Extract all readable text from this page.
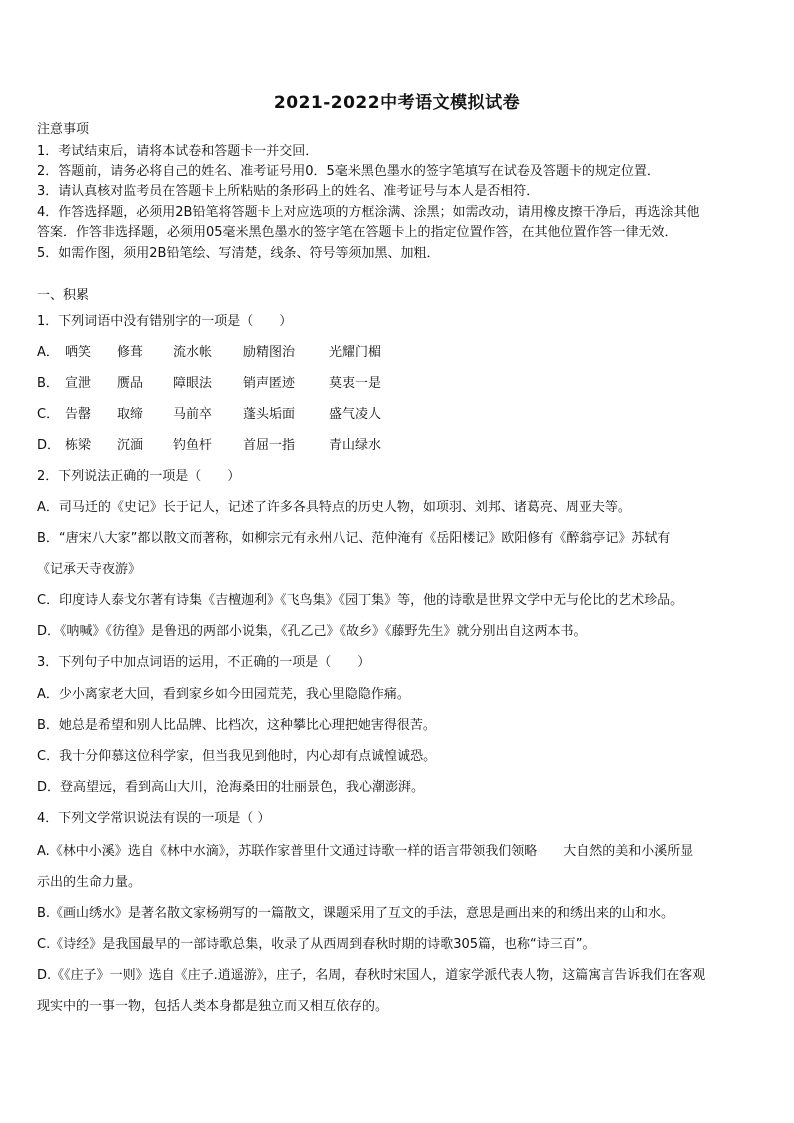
2021-2022中考语文模拟试卷
注意事项
1．考试结束后，请将本试卷和答题卡一并交回．
2．答题前，请务必将自己的姓名、准考证号用0．5毫米黑色墨水的签字笔填写在试卷及答题卡的规定位置．
3．请认真核对监考员在答题卡上所粘贴的条形码上的姓名、准考证号与本人是否相符．
4．作答选择题，必须用2B铅笔将答题卡上对应选项的方框涂满、涂黑；如需改动，请用橡皮擦干净后，再选涂其他
答案．作答非选择题，必须用05毫米黑色墨水的签字笔在答题卡上的指定位置作答，在其他位置作答一律无效．
5．如需作图，须用2B铅笔绘、写清楚，线条、符号等须加黑、加粗．
一、积累
1．下列词语中没有错别字的一项是（　　）
A． 哂笑 修葺 流水帐 励精图治	光耀门楣
B． 宣泄 赝品 障眼法 销声匿迹	莫衷一是
C． 告罄 取缔 马前卒 蓬头垢面	盛气凌人
D． 栋梁 沉湎 钓鱼杆 首屈一指	青山绿水
2．下列说法正确的一项是（　　）
A．司马迁的《史记》长于记人，记述了许多各具特点的历史人物，如项羽、刘邦、诸葛亮、周亚夫等。
B．“唐宋八大家”都以散文而著称，如柳宗元有永州八记、范仲淹有《岳阳楼记》欧阳修有《醉翁亭记》苏轼有
《记承天寺夜游》
C．印度诗人泰戈尔著有诗集《吉檀迦利》《飞鸟集》《园丁集》等，他的诗歌是世界文学中无与伦比的艺术珍品。
D．《呐喊》《彷徨》是鲁迅的两部小说集，《孔乙己》《故乡》《藤野先生》就分别出自这两本书。
3．下列句子中加点词语的运用，不正确的一项是（　　）
A．少小离家老大回，看到家乡如今田园荒芜，我心里隐隐作痛。
B．她总是希望和别人比品牌、比档次，这种攀比心理把她害得很苦。
C．我十分仰慕这位科学家，但当我见到他时，内心却有点诚惶诚恐。
D．登高望远，看到高山大川，沧海桑田的壮丽景色，我心潮澎湃。
4．下列文学常识说法有误的一项是（ ）
A.《林中小溪》选自《林中水滴》，苏联作家普里什文通过诗歌一样的语言带领我们领略　　大自然的美和小溪所显
示出的生命力量。
B.《画山绣水》是著名散文家杨朔写的一篇散文，课题采用了互文的手法，意思是画出来的和绣出来的山和水。
C.《诗经》是我国最早的一部诗歌总集，收录了从西周到春秋时期的诗歌305篇，也称“诗三百”。
D.《《庄子》一则》选自《庄子.逍遥游》，庄子，名周，春秋时宋国人，道家学派代表人物，这篇寓言告诉我们在客观
现实中的一事一物，包括人类本身都是独立而又相互依存的。
